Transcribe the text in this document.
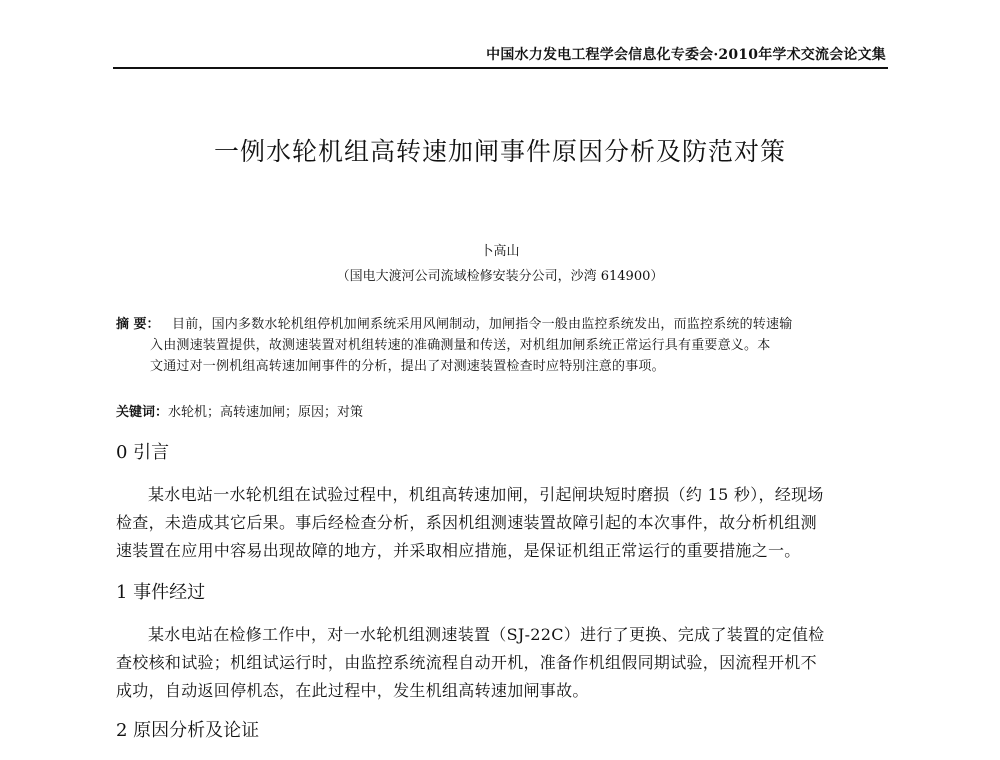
中国水力发电工程学会信息化专委会·2010年学术交流会论文集
一例水轮机组高转速加闸事件原因分析及防范对策
卜高山
（国电大渡河公司流域检修安装分公司，沙湾 614900）
摘 要： 目前，国内多数水轮机组停机加闸系统采用风闸制动，加闸指令一般由监控系统发出，而监控系统的转速输
入由测速装置提供，故测速装置对机组转速的准确测量和传送，对机组加闸系统正常运行具有重要意义。本
文通过对一例机组高转速加闸事件的分析，提出了对测速装置检查时应特别注意的事项。
关键词：水轮机；高转速加闸；原因；对策
0 引言
某水电站一水轮机组在试验过程中，机组高转速加闸，引起闸块短时磨损（约 15 秒），经现场
检查，未造成其它后果。事后经检查分析，系因机组测速装置故障引起的本次事件，故分析机组测
速装置在应用中容易出现故障的地方，并采取相应措施，是保证机组正常运行的重要措施之一。
1 事件经过
某水电站在检修工作中，对一水轮机组测速装置（SJ-22C）进行了更换、完成了装置的定值检
查校核和试验；机组试运行时，由监控系统流程自动开机，准备作机组假同期试验，因流程开机不
成功，自动返回停机态，在此过程中，发生机组高转速加闸事故。
2 原因分析及论证
